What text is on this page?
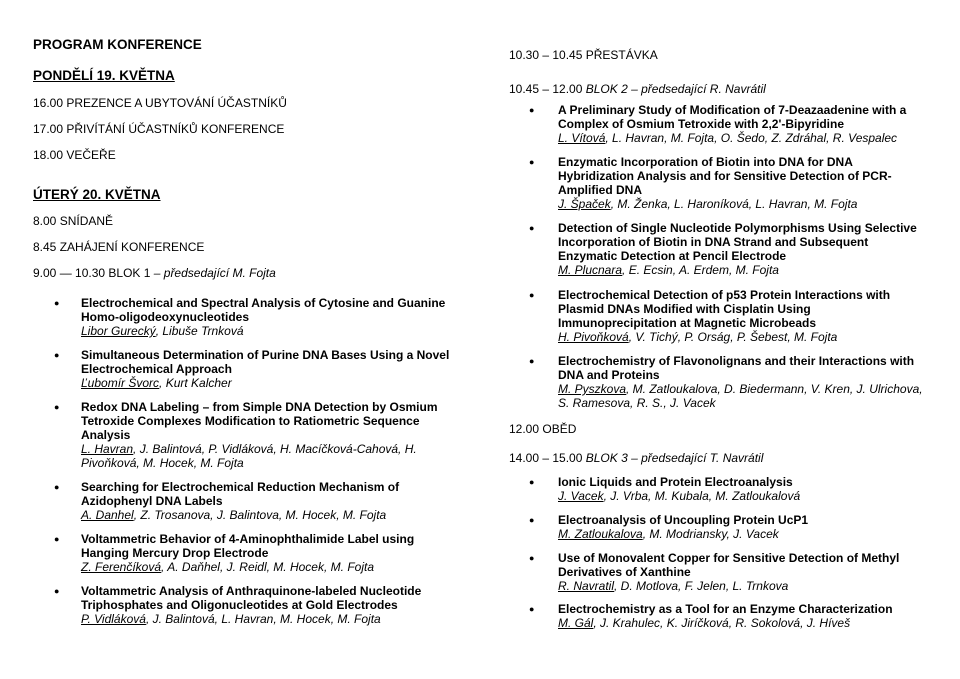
PROGRAM KONFERENCE
PONDĚLÍ 19. KVĚTNA
16.00 PREZENCE A UBYTOVÁNÍ ÚČASTNÍKŮ
17.00 PŘIVÍTÁNÍ ÚČASTNÍKŮ KONFERENCE
18.00 VEČEŘE
ÚTERÝ 20. KVĚTNA
8.00 SNÍDANĚ
8.45 ZAHÁJENÍ KONFERENCE
9.00 — 10.30 BLOK 1 – předsedající M. Fojta
● Electrochemical and Spectral Analysis of Cytosine and Guanine
Homo-oligodeoxynucleotides
Libor Gurecký, Libuše Trnková
● Simultaneous Determination of Purine DNA Bases Using a Novel
Electrochemical Approach
Ľubomír Švorc, Kurt Kalcher
● Redox DNA Labeling – from Simple DNA Detection by Osmium
Tetroxide Complexes Modification to Ratiometric Sequence
Analysis
L. Havran, J. Balintová, P. Vidláková, H. Macíčková-Cahová, H.
Pivoňková, M. Hocek, M. Fojta
● Searching for Electrochemical Reduction Mechanism of
Azidophenyl DNA Labels
A. Danhel, Z. Trosanova, J. Balintova, M. Hocek, M. Fojta
● Voltammetric Behavior of 4-Aminophthalimide Label using
Hanging Mercury Drop Electrode
Z. Ferenčíková, A. Daňhel, J. Reidl, M. Hocek, M. Fojta
● Voltammetric Analysis of Anthraquinone-labeled Nucleotide
Triphosphates and Oligonucleotides at Gold Electrodes
P. Vidláková, J. Balintová, L. Havran, M. Hocek, M. Fojta
10.30 – 10.45 PŘESTÁVKA
10.45 – 12.00 BLOK 2 – předsedající R. Navrátil
● A Preliminary Study of Modification of 7-Deazaadenine with a
Complex of Osmium Tetroxide with 2,2'-Bipyridine
L. Vítová, L. Havran, M. Fojta, O. Šedo, Z. Zdráhal, R. Vespalec
● Enzymatic Incorporation of Biotin into DNA for DNA
Hybridization Analysis and for Sensitive Detection of PCR-
Amplified DNA
J. Špaček, M. Ženka, L. Haroníková, L. Havran, M. Fojta
● Detection of Single Nucleotide Polymorphisms Using Selective
Incorporation of Biotin in DNA Strand and Subsequent
Enzymatic Detection at Pencil Electrode
M. Plucnara, E. Ecsin, A. Erdem, M. Fojta
● Electrochemical Detection of p53 Protein Interactions with
Plasmid DNAs Modified with Cisplatin Using
Immunoprecipitation at Magnetic Microbeads
H. Pivoňková, V. Tichý, P. Orság, P. Šebest, M. Fojta
● Electrochemistry of Flavonolignans and their Interactions with
DNA and Proteins
M. Pyszkova, M. Zatloukalova, D. Biedermann, V. Kren, J. Ulrichova,
S. Ramesova, R. S., J. Vacek
12.00 OBĚD
14.00 – 15.00 BLOK 3 – předsedající T. Navrátil
● Ionic Liquids and Protein Electroanalysis
J. Vacek, J. Vrba, M. Kubala, M. Zatloukalová
● Electroanalysis of Uncoupling Protein UcP1
M. Zatloukalova, M. Modriansky, J. Vacek
● Use of Monovalent Copper for Sensitive Detection of Methyl
Derivatives of Xanthine
R. Navratil, D. Motlova, F. Jelen, L. Trnkova
● Electrochemistry as a Tool for an Enzyme Characterization
M. Gál, J. Krahulec, K. Jiríčková, R. Sokolová, J. Híveš
